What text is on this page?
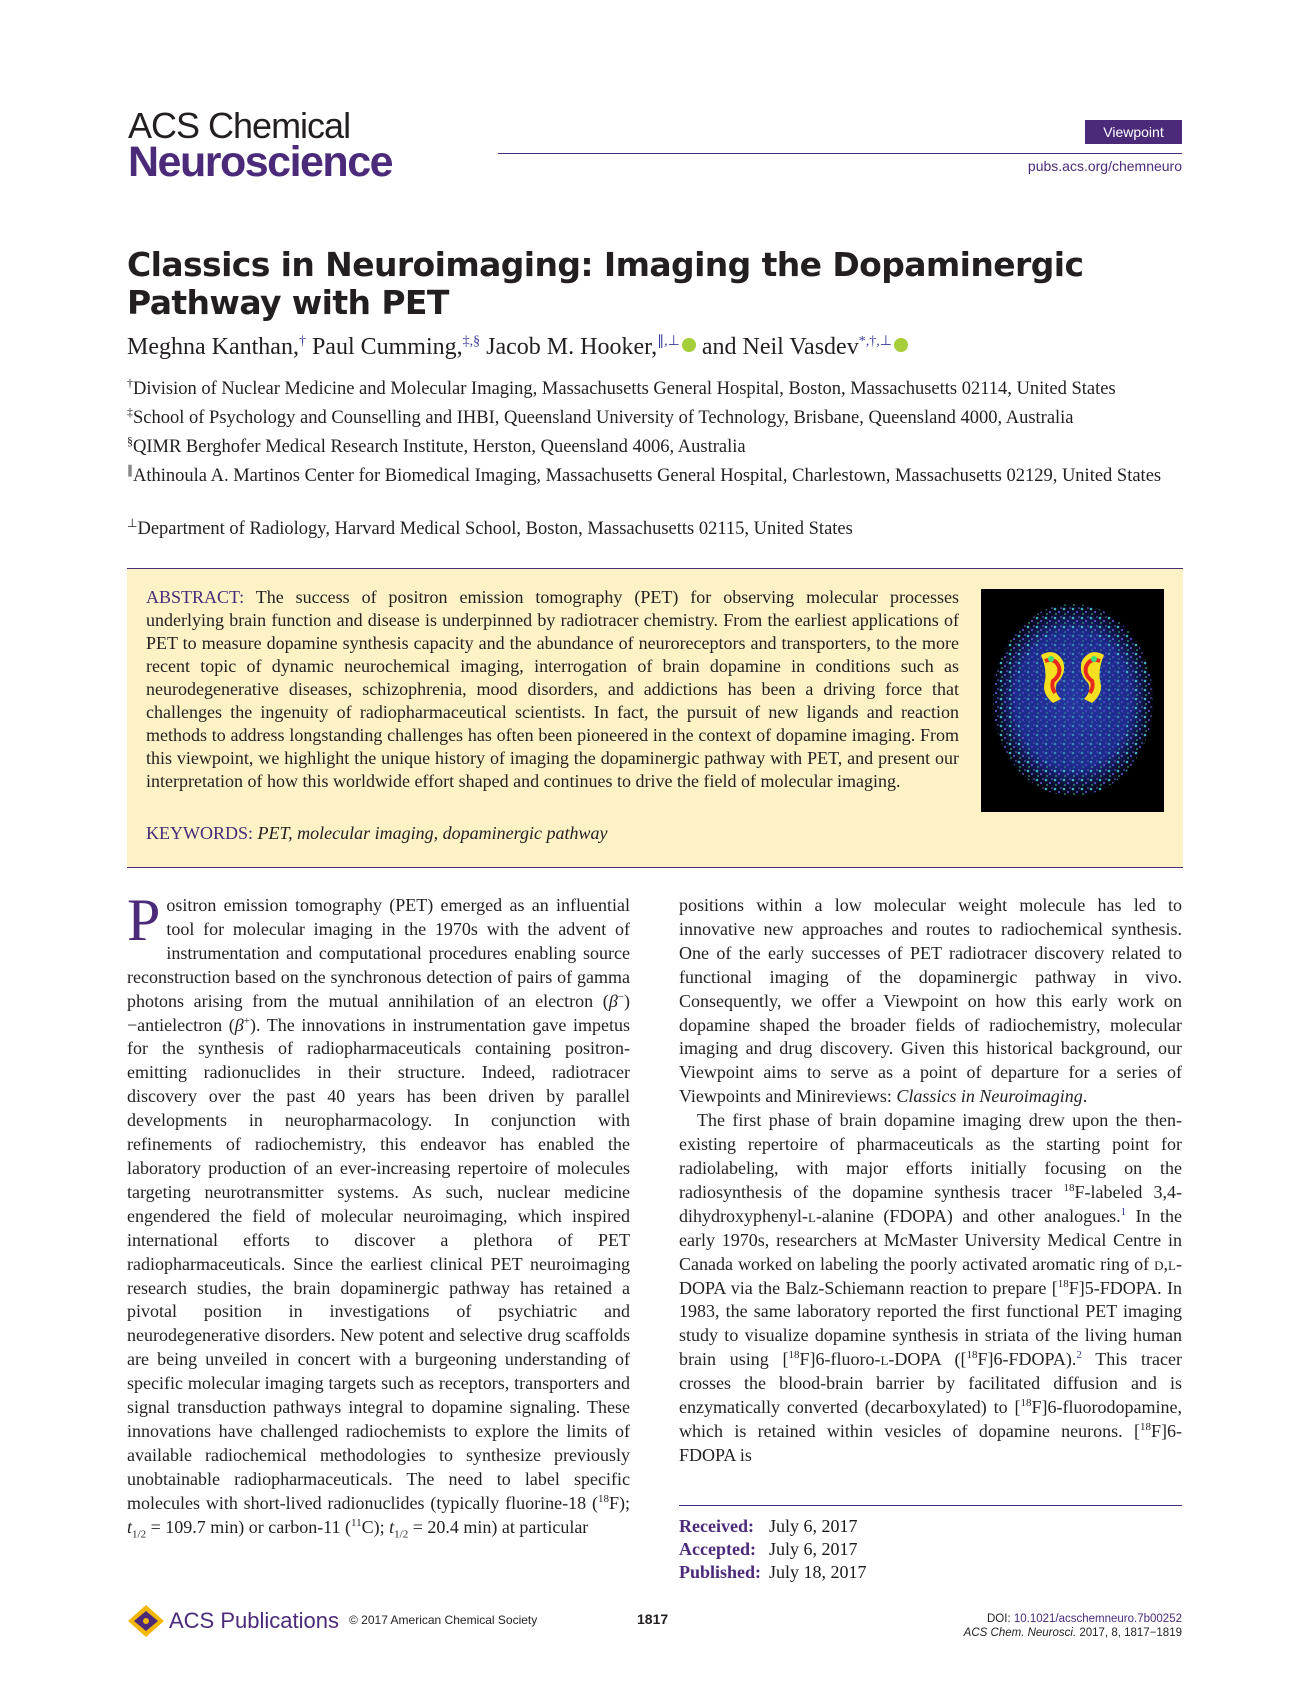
ACS Chemical
Neuroscience
Viewpoint
pubs.acs.org/chemneuro
Classics in Neuroimaging: Imaging the Dopaminergic Pathway with PET
Meghna Kanthan,† Paul Cumming,‡,§ Jacob M. Hooker,∥,⊥ and Neil Vasdev*,†,⊥
†Division of Nuclear Medicine and Molecular Imaging, Massachusetts General Hospital, Boston, Massachusetts 02114, United States
‡School of Psychology and Counselling and IHBI, Queensland University of Technology, Brisbane, Queensland 4000, Australia
§QIMR Berghofer Medical Research Institute, Herston, Queensland 4006, Australia
∥Athinoula A. Martinos Center for Biomedical Imaging, Massachusetts General Hospital, Charlestown, Massachusetts 02129, United States
⊥Department of Radiology, Harvard Medical School, Boston, Massachusetts 02115, United States
ABSTRACT: The success of positron emission tomography (PET) for observing molecular processes underlying brain function and disease is underpinned by radiotracer chemistry. From the earliest applications of PET to measure dopamine synthesis capacity and the abundance of neuroreceptors and transporters, to the more recent topic of dynamic neurochemical imaging, interrogation of brain dopamine in conditions such as neurodegenerative diseases, schizophrenia, mood disorders, and addictions has been a driving force that challenges the ingenuity of radiopharmaceutical scientists. In fact, the pursuit of new ligands and reaction methods to address longstanding challenges has often been pioneered in the context of dopamine imaging. From this viewpoint, we highlight the unique history of imaging the dopaminergic pathway with PET, and present our interpretation of how this worldwide effort shaped and continues to drive the field of molecular imaging.
KEYWORDS: PET, molecular imaging, dopaminergic pathway

Positron emission tomography (PET) emerged as an influential tool for molecular imaging in the 1970s with the advent of instrumentation and computational procedures enabling source reconstruction based on the synchronous detection of pairs of gamma photons arising from the mutual annihilation of an electron (β−)−antielectron (β+). The innovations in instrumentation gave impetus for the synthesis of radiopharmaceuticals containing positron-emitting radionuclides in their structure. Indeed, radiotracer discovery over the past 40 years has been driven by parallel developments in neuropharmacology. In conjunction with refinements of radiochemistry, this endeavor has enabled the laboratory production of an ever-increasing repertoire of molecules targeting neurotransmitter systems. As such, nuclear medicine engendered the field of molecular neuroimaging, which inspired international efforts to discover a plethora of PET radiopharmaceuticals. Since the earliest clinical PET neuroimaging research studies, the brain dopaminergic pathway has retained a pivotal position in investigations of psychiatric and neurodegenerative disorders. New potent and selective drug scaffolds are being unveiled in concert with a burgeoning understanding of specific molecular imaging targets such as receptors, transporters and signal transduction pathways integral to dopamine signaling. These innovations have challenged radiochemists to explore the limits of available radiochemical methodologies to synthesize previously unobtainable radiopharmaceuticals. The need to label specific molecules with short-lived radionuclides (typically fluorine-18 ($^{18}$F); $t_{1/2} = 109.7$ min) or carbon-11 ($^{11}$C); $t_{1/2} = 20.4$ min) at particular

positions within a low molecular weight molecule has led to innovative new approaches and routes to radiochemical synthesis. One of the early successes of PET radiotracer discovery related to functional imaging of the dopaminergic pathway in vivo. Consequently, we offer a Viewpoint on how this early work on dopamine shaped the broader fields of radiochemistry, molecular imaging and drug discovery. Given this historical background, our Viewpoint aims to serve as a point of departure for a series of Viewpoints and Minireviews: Classics in Neuroimaging.

The first phase of brain dopamine imaging drew upon the then-existing repertoire of pharmaceuticals as the starting point for radiolabeling, with major efforts initially focusing on the radiosynthesis of the dopamine synthesis tracer $^{18}$F-labeled 3,4-dihydroxyphenyl-l-alanine (FDOPA) and other analogues.$^1$ In the early 1970s, researchers at McMaster University Medical Centre in Canada worked on labeling the poorly activated aromatic ring of d,l-DOPA via the Balz-Schiemann reaction to prepare [$^{18}$F]5-FDOPA. In 1983, the same laboratory reported the first functional PET imaging study to visualize dopamine synthesis in striata of the living human brain using [$^{18}$F]6-fluoro-l-DOPA ([$^{18}$F]6-FDOPA).$^2$ This tracer crosses the blood-brain barrier by facilitated diffusion and is enzymatically converted (decarboxylated) to [$^{18}$F]6-fluorodopamine, which is retained within vesicles of dopamine neurons. [$^{18}$F]6-FDOPA is

Received: July 6, 2017
Accepted: July 6, 2017
Published: July 18, 2017
ACS Publications © 2017 American Chemical Society	1817	DOI: 10.1021/acschemneuro.7b00252
ACS Chem. Neurosci. 2017, 8, 1817−1819
